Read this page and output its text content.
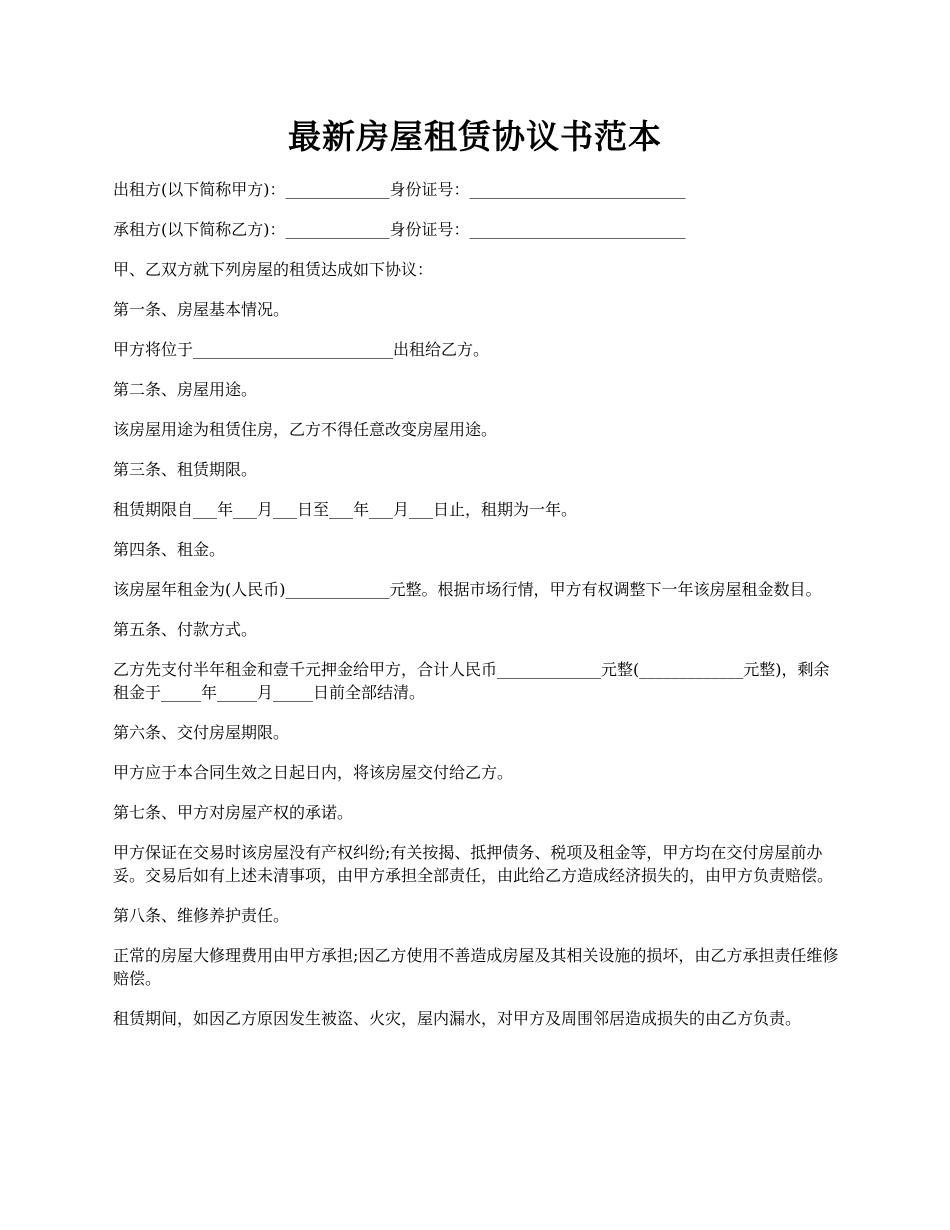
最新房屋租赁协议书范本

出租方(以下简称甲方)：_____________身份证号：___________________________

承租方(以下简称乙方)：_____________身份证号：___________________________

甲、乙双方就下列房屋的租赁达成如下协议：

第一条、房屋基本情况。

甲方将位于_________________________出租给乙方。

第二条、房屋用途。

该房屋用途为租赁住房，乙方不得任意改变房屋用途。

第三条、租赁期限。

租赁期限自___年___月___日至___年___月___日止，租期为一年。

第四条、租金。

该房屋年租金为(人民币)_____________元整。根据市场行情，甲方有权调整下一年该房屋租金数目。

第五条、付款方式。

乙方先支付半年租金和壹千元押金给甲方，合计人民币_____________元整(_____________元整)，剩余租金于_____年_____月_____日前全部结清。

第六条、交付房屋期限。

甲方应于本合同生效之日起日内，将该房屋交付给乙方。

第七条、甲方对房屋产权的承诺。

甲方保证在交易时该房屋没有产权纠纷;有关按揭、抵押债务、税项及租金等，甲方均在交付房屋前办妥。交易后如有上述未清事项，由甲方承担全部责任，由此给乙方造成经济损失的，由甲方负责赔偿。

第八条、维修养护责任。

正常的房屋大修理费用由甲方承担;因乙方使用不善造成房屋及其相关设施的损坏，由乙方承担责任维修赔偿。

租赁期间，如因乙方原因发生被盗、火灾，屋内漏水，对甲方及周围邻居造成损失的由乙方负责。
